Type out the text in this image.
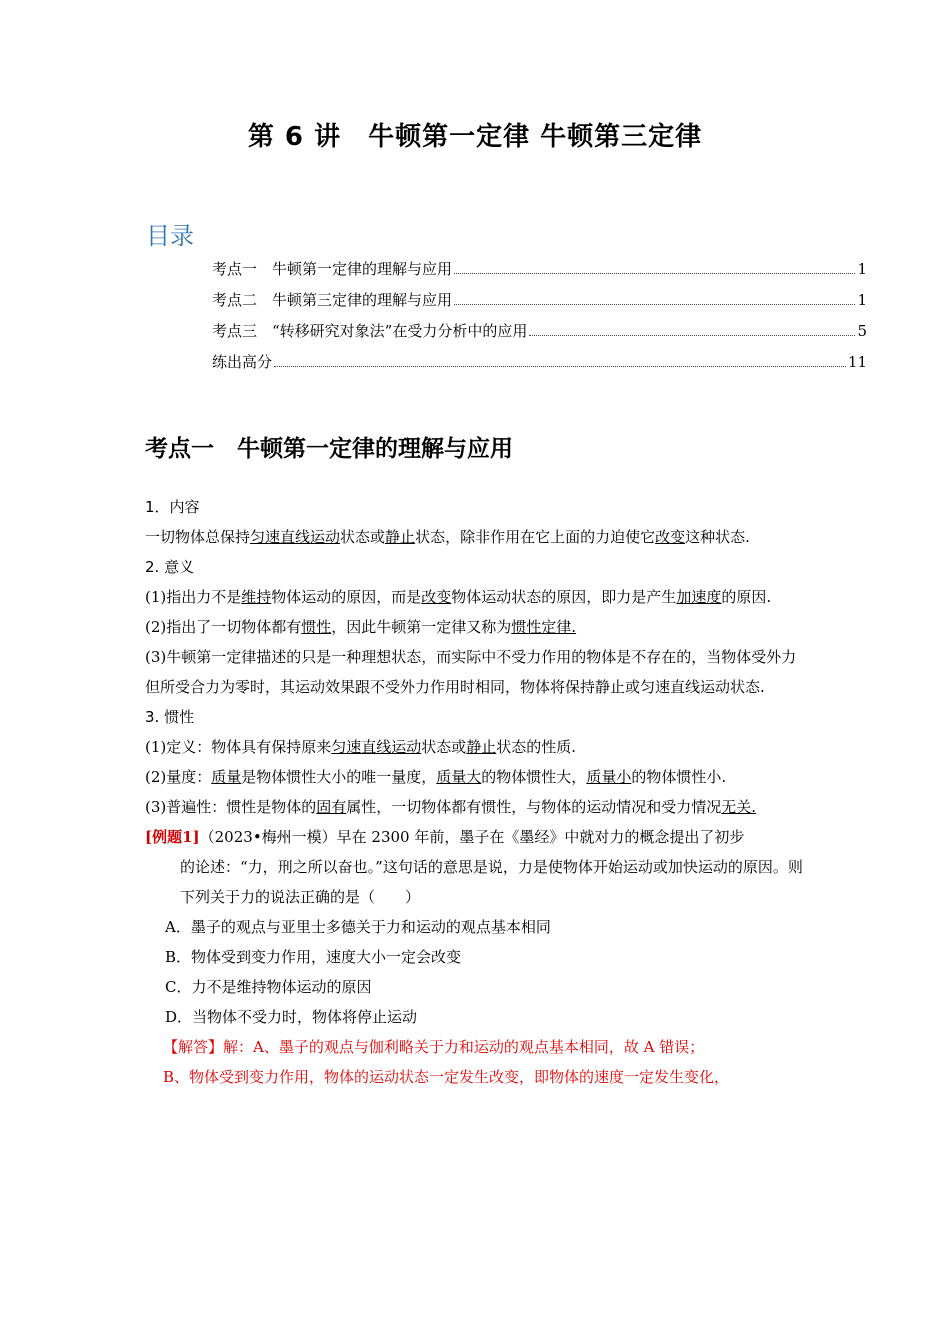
第 6 讲　牛顿第一定律 牛顿第三定律
目录
考点一　牛顿第一定律的理解与应用	1
考点二　牛顿第三定律的理解与应用	1
考点三　“转移研究对象法”在受力分析中的应用	5
练出高分	11
考点一　牛顿第一定律的理解与应用

1．内容

一切物体总保持匀速直线运动状态或静止状态，除非作用在它上面的力迫使它改变这种状态.

2. 意义

(1)指出力不是维持物体运动的原因，而是改变物体运动状态的原因，即力是产生加速度的原因.

(2)指出了一切物体都有惯性，因此牛顿第一定律又称为惯性定律.

(3)牛顿第一定律描述的只是一种理想状态，而实际中不受力作用的物体是不存在的，当物体受外力但所受合力为零时，其运动效果跟不受外力作用时相同，物体将保持静止或匀速直线运动状态.

3. 惯性

(1)定义：物体具有保持原来匀速直线运动状态或静止状态的性质.

(2)量度：质量是物体惯性大小的唯一量度，质量大的物体惯性大，质量小的物体惯性小.

(3)普遍性：惯性是物体的固有属性，一切物体都有惯性，与物体的运动情况和受力情况无关.

[例题1]（2023•梅州一模）早在 2300 年前，墨子在《墨经》中就对力的概念提出了初步

的论述：“力，刑之所以奋也。”这句话的意思是说，力是使物体开始运动或加快运动的原因。则下列关于力的说法正确的是（　　）

A．墨子的观点与亚里士多德关于力和运动的观点基本相同

B．物体受到变力作用，速度大小一定会改变

C．力不是维持物体运动的原因

D．当物体不受力时，物体将停止运动

【解答】解：A、墨子的观点与伽利略关于力和运动的观点基本相同，故 A 错误；

B、物体受到变力作用，物体的运动状态一定发生改变，即物体的速度一定发生变化，
